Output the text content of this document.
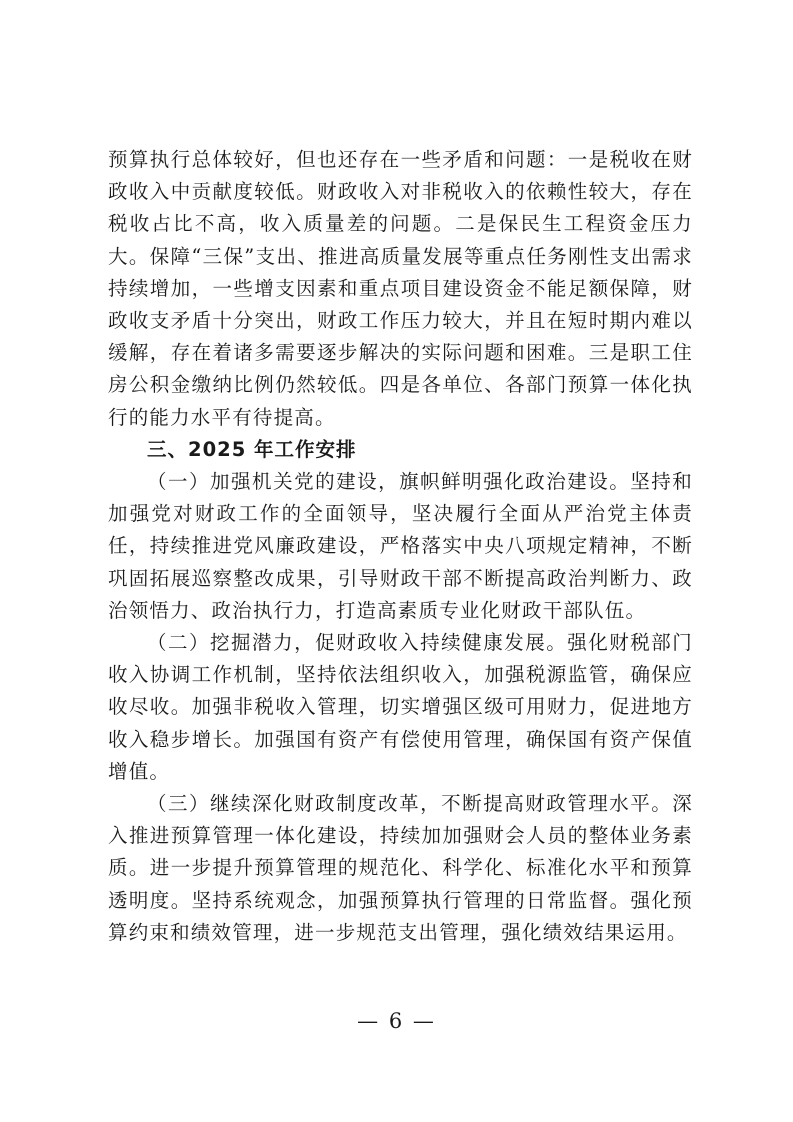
预算执行总体较好，但也还存在一些矛盾和问题：一是税收在财政收入中贡献度较低。财政收入对非税收入的依赖性较大，存在税收占比不高，收入质量差的问题。二是保民生工程资金压力大。保障“三保”支出、推进高质量发展等重点任务刚性支出需求持续增加，一些增支因素和重点项目建设资金不能足额保障，财政收支矛盾十分突出，财政工作压力较大，并且在短时期内难以缓解，存在着诸多需要逐步解决的实际问题和困难。三是职工住房公积金缴纳比例仍然较低。四是各单位、各部门预算一体化执行的能力水平有待提高。

三、2025 年工作安排

（一）加强机关党的建设，旗帜鲜明强化政治建设。坚持和加强党对财政工作的全面领导，坚决履行全面从严治党主体责任，持续推进党风廉政建设，严格落实中央八项规定精神，不断巩固拓展巡察整改成果，引导财政干部不断提高政治判断力、政治领悟力、政治执行力，打造高素质专业化财政干部队伍。

（二）挖掘潜力，促财政收入持续健康发展。强化财税部门收入协调工作机制，坚持依法组织收入，加强税源监管，确保应收尽收。加强非税收入管理，切实增强区级可用财力，促进地方收入稳步增长。加强国有资产有偿使用管理，确保国有资产保值增值。

（三）继续深化财政制度改革，不断提高财政管理水平。深入推进预算管理一体化建设，持续加加强财会人员的整体业务素质。进一步提升预算管理的规范化、科学化、标准化水平和预算透明度。坚持系统观念，加强预算执行管理的日常监督。强化预算约束和绩效管理，进一步规范支出管理，强化绩效结果运用。

— 6 —
